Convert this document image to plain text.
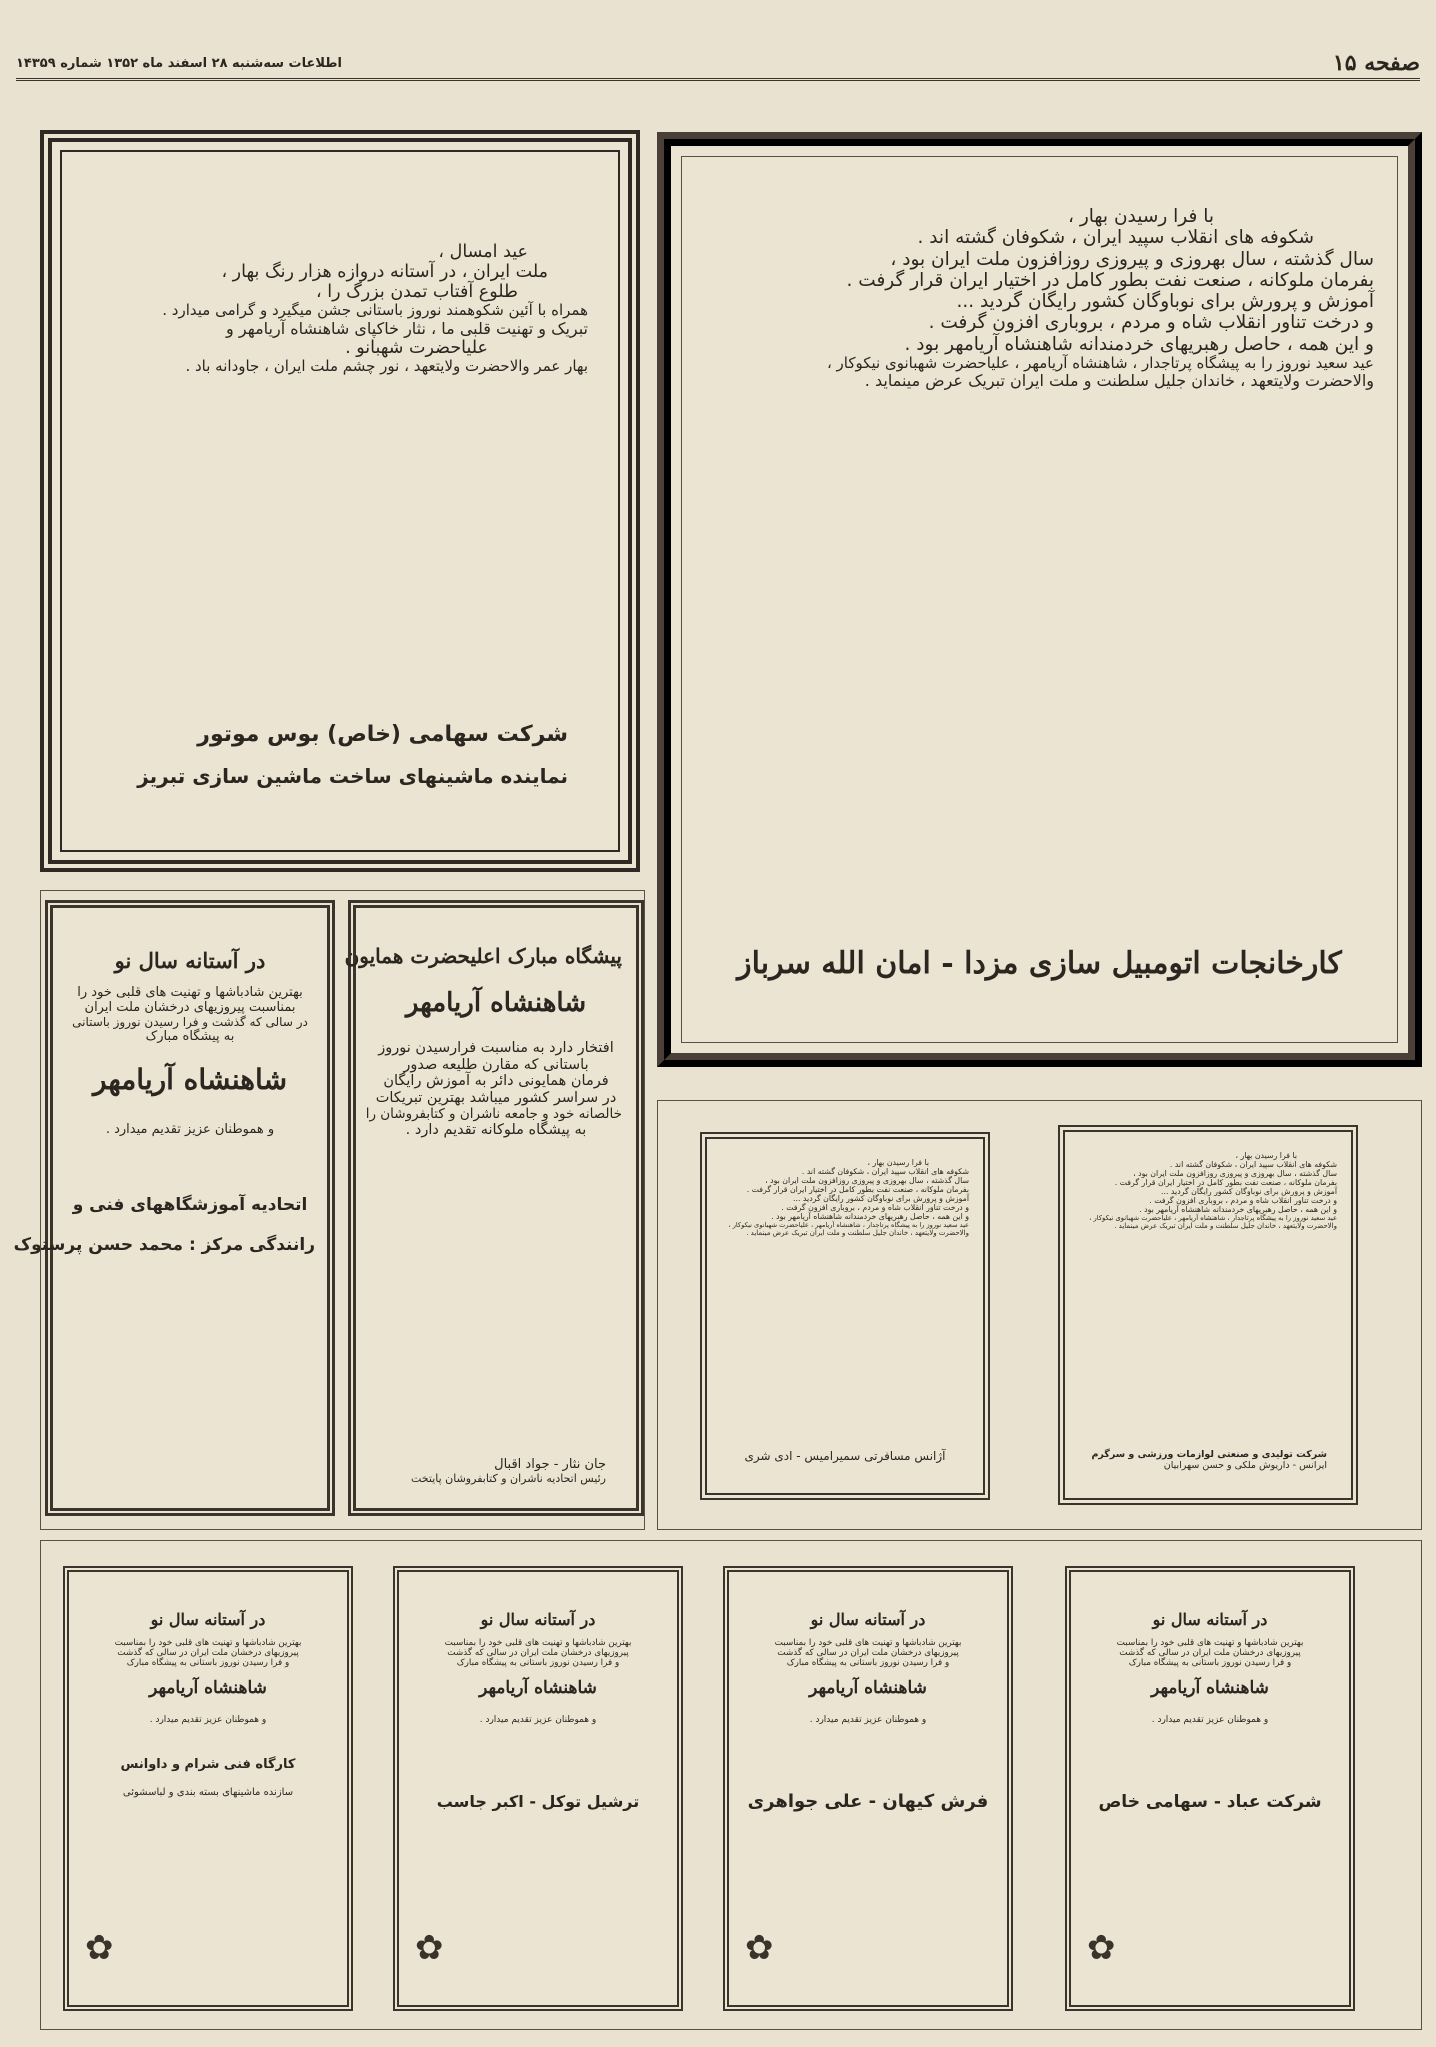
صفحه ۱۵
اطلاعات سه‌شنبه ۲۸ اسفند ماه ۱۳۵۲ شماره ۱۴۳۵۹
با فرا رسیدن بهار ،
شکوفه های انقلاب سپید ایران ، شکوفان گشته اند .
سال گذشته ، سال بهروزی و پیروزی روزافزون ملت ایران بود ،
بفرمان ملوکانه ، صنعت نفت بطور کامل در اختیار ایران قرار گرفت .
آموزش و پرورش برای نوباوگان کشور رایگان گردید ...
و درخت تناور انقلاب شاه و مردم ، بروباری افزون گرفت .
و این همه ، حاصل رهبریهای خردمندانه شاهنشاه آریامهر بود .
عید سعید نوروز را به پیشگاه پرتاجدار ، شاهنشاه آریامهر ، علیاحضرت شهبانوی نیکوکار ،
والاحضرت ولایتعهد ، خاندان جلیل سلطنت و ملت ایران تبریک عرض مینماید .
کارخانجات اتومبیل سازی مزدا - امان الله سرباز
عید امسال ،
ملت ایران ، در آستانه دروازه هزار رنگ بهار ،
طلوع آفتاب تمدن بزرگ را ،
همراه با آئین شکوهمند نوروز باستانی جشن میگیرد و گرامی میدارد .
تبریک و تهنیت قلبی ما ، نثار خاکپای شاهنشاه آریامهر و
علیاحضرت شهبانو .
بهار عمر والاحضرت ولایتعهد ، نور چشم ملت ایران ، جاودانه باد .
شرکت سهامی (خاص) بوس موتور
نماینده ماشینهای ساخت ماشین سازی تبریز
پیشگاه مبارک اعلیحضرت همایون
شاهنشاه آریامهر
افتخار دارد به مناسبت فرارسیدن نوروز
باستانی که مقارن طلیعه صدور
فرمان همایونی دائر به آموزش رایگان
در سراسر کشور میباشد بهترین تبریکات
خالصانه خود و جامعه ناشران و کتابفروشان را
به پیشگاه ملوکانه تقدیم دارد .
جان نثار - جواد اقبال
رئیس اتحادیه ناشران و کتابفروشان پایتخت
در آستانه سال نو
بهترین شادباشها و تهنیت های قلبی خود را
بمناسبت پیروزیهای درخشان ملت ایران
در سالی که گذشت و فرا رسیدن نوروز باستانی
به پیشگاه مبارک
شاهنشاه آریامهر
و هموطنان عزیز تقدیم میدارد .
اتحادیه آموزشگاههای فنی و
رانندگی مرکز : محمد حسن پرستوک
با فرا رسیدن بهار ،
شکوفه های انقلاب سپید ایران ، شکوفان گشته اند .
سال گذشته ، سال بهروزی و پیروزی روزافزون ملت ایران بود ،
بفرمان ملوکانه ، صنعت نفت بطور کامل در اختیار ایران قرار گرفت .
آموزش و پرورش برای نوباوگان کشور رایگان گردید ...
و درخت تناور انقلاب شاه و مردم ، بروباری افزون گرفت .
و این همه ، حاصل رهبریهای خردمندانه شاهنشاه آریامهر بود .
عید سعید نوروز را به پیشگاه پرتاجدار ، شاهنشاه آریامهر ، علیاحضرت شهبانوی نیکوکار ،
والاحضرت ولایتعهد ، خاندان جلیل سلطنت و ملت ایران تبریک عرض مینماید .
آژانس مسافرتی سمیرامیس - ادی شری
با فرا رسیدن بهار ،
شکوفه های انقلاب سپید ایران ، شکوفان گشته اند .
سال گذشته ، سال بهروزی و پیروزی روزافزون ملت ایران بود ،
بفرمان ملوکانه ، صنعت نفت بطور کامل در اختیار ایران قرار گرفت .
آموزش و پرورش برای نوباوگان کشور رایگان گردید ...
و درخت تناور انقلاب شاه و مردم ، بروباری افزون گرفت .
و این همه ، حاصل رهبریهای خردمندانه شاهنشاه آریامهر بود .
عید سعید نوروز را به پیشگاه پرتاجدار ، شاهنشاه آریامهر ، علیاحضرت شهبانوی نیکوکار ،
والاحضرت ولایتعهد ، خاندان جلیل سلطنت و ملت ایران تبریک عرض مینماید .
شرکت تولیدی و صنعتی لوازمات ورزشی و سرگرم
ایرانس - داریوش ملکی و حسن سهرابیان
در آستانه سال نو
بهترین شادباشها و تهنیت های قلبی خود را بمناسبت
پیروزیهای درخشان ملت ایران در سالی که گذشت
و فرا رسیدن نوروز باستانی به پیشگاه مبارک
شاهنشاه آریامهر
و هموطنان عزیز تقدیم میدارد .
کارگاه فنی شرام و داوانس
سازنده ماشینهای بسته بندی و لباسشوئی
✿
در آستانه سال نو
بهترین شادباشها و تهنیت های قلبی خود را بمناسبت
پیروزیهای درخشان ملت ایران در سالی که گذشت
و فرا رسیدن نوروز باستانی به پیشگاه مبارک
شاهنشاه آریامهر
و هموطنان عزیز تقدیم میدارد .
ترشیل توکل - اکبر جاسب
✿
در آستانه سال نو
بهترین شادباشها و تهنیت های قلبی خود را بمناسبت
پیروزیهای درخشان ملت ایران در سالی که گذشت
و فرا رسیدن نوروز باستانی به پیشگاه مبارک
شاهنشاه آریامهر
و هموطنان عزیز تقدیم میدارد .
فرش کیهان - علی جواهری
✿
در آستانه سال نو
بهترین شادباشها و تهنیت های قلبی خود را بمناسبت
پیروزیهای درخشان ملت ایران در سالی که گذشت
و فرا رسیدن نوروز باستانی به پیشگاه مبارک
شاهنشاه آریامهر
و هموطنان عزیز تقدیم میدارد .
شرکت عباد - سهامی خاص
✿
